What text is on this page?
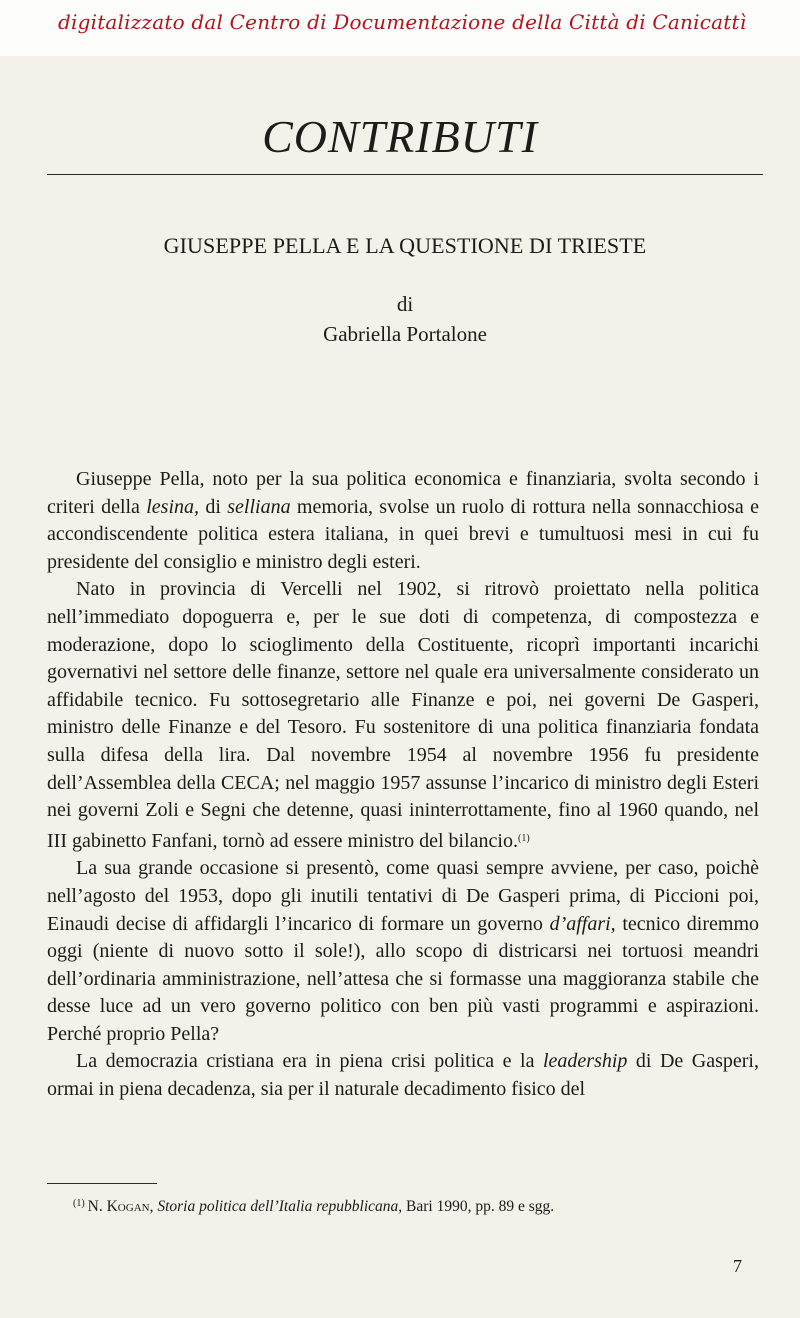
digitalizzato dal Centro di Documentazione della Città di Canicattì
CONTRIBUTI
GIUSEPPE PELLA E LA QUESTIONE DI TRIESTE
di
Gabriella Portalone

Giuseppe Pella, noto per la sua politica economica e finanziaria, svolta secondo i criteri della lesina, di selliana memoria, svolse un ruolo di rottura nella sonnacchiosa e accondiscendente politica estera italiana, in quei brevi e tumultuosi mesi in cui fu presidente del consiglio e ministro degli esteri.

Nato in provincia di Vercelli nel 1902, si ritrovò proiettato nella politica nell’immediato dopoguerra e, per le sue doti di competenza, di compostezza e moderazione, dopo lo scioglimento della Costituente, ricoprì importanti incarichi governativi nel settore delle finanze, settore nel quale era universalmente considerato un affidabile tecnico. Fu sottosegretario alle Finanze e poi, nei governi De Gasperi, ministro delle Finanze e del Tesoro. Fu sostenitore di una politica finanziaria fondata sulla difesa della lira. Dal novembre 1954 al novembre 1956 fu presidente dell’Assemblea della CECA; nel maggio 1957 assunse l’incarico di ministro degli Esteri nei governi Zoli e Segni che detenne, quasi ininterrottamente, fino al 1960 quando, nel III gabinetto Fanfani, tornò ad essere ministro del bilancio.$^{(1)}$

La sua grande occasione si presentò, come quasi sempre avviene, per caso, poichè nell’agosto del 1953, dopo gli inutili tentativi di De Gasperi prima, di Piccioni poi, Einaudi decise di affidargli l’incarico di formare un governo d’affari, tecnico diremmo oggi (niente di nuovo sotto il sole!), allo scopo di districarsi nei tortuosi meandri dell’ordinaria amministrazione, nell’attesa che si formasse una maggioranza stabile che desse luce ad un vero governo politico con ben più vasti programmi e aspirazioni. Perché proprio Pella?

La democrazia cristiana era in piena crisi politica e la leadership di De Gasperi, ormai in piena decadenza, sia per il naturale decadimento fisico del

$^{(1)}$ N. Kogan, Storia politica dell’Italia repubblicana, Bari 1990, pp. 89 e sgg.
7
